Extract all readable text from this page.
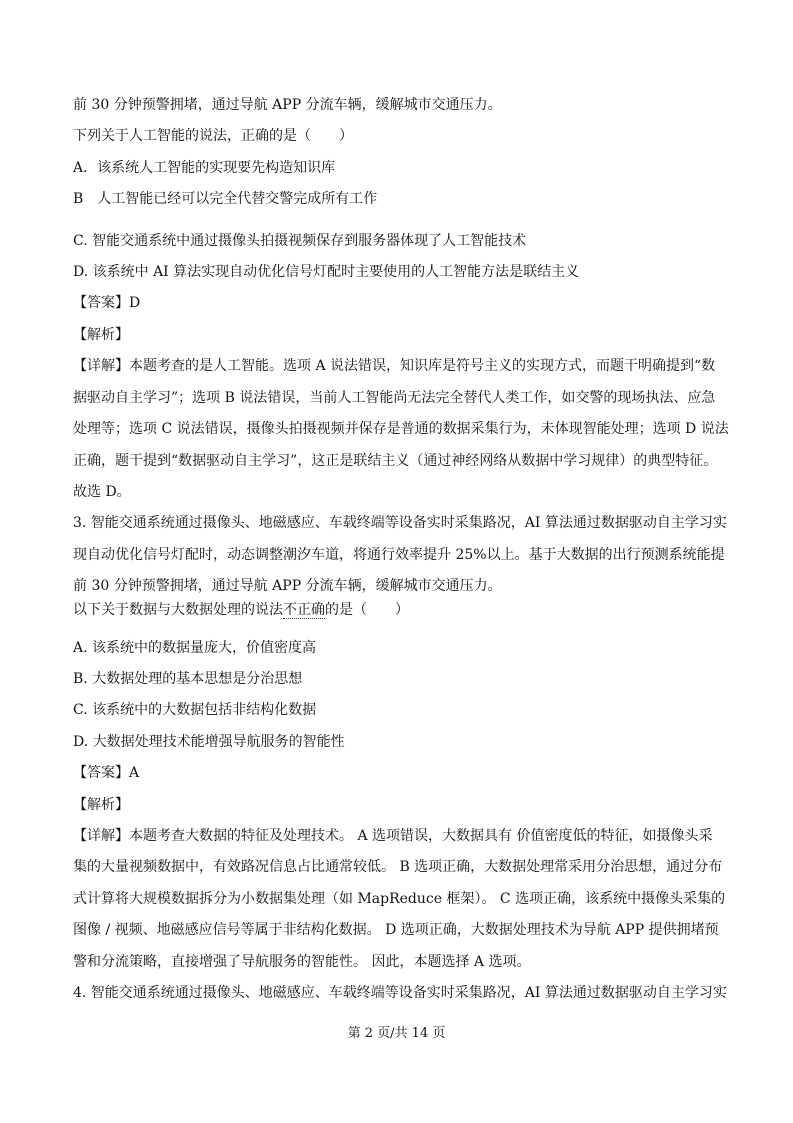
前 30 分钟预警拥堵，通过导航 APP 分流车辆，缓解城市交通压力。
下列关于人工智能的说法，正确的是（　　）
A．该系统人工智能的实现要先构造知识库
B　人工智能已经可以完全代替交警完成所有工作
C. 智能交通系统中通过摄像头拍摄视频保存到服务器体现了人工智能技术
D. 该系统中 AI 算法实现自动优化信号灯配时主要使用的人工智能方法是联结主义
【答案】D
【解析】
【详解】本题考查的是人工智能。选项 A 说法错误，知识库是符号主义的实现方式，而题干明确提到“数
据驱动自主学习”；选项 B 说法错误，当前人工智能尚无法完全替代人类工作，如交警的现场执法、应急
处理等；选项 C 说法错误，摄像头拍摄视频并保存是普通的数据采集行为，未体现智能处理；选项 D 说法
正确，题干提到“数据驱动自主学习”，这正是联结主义（通过神经网络从数据中学习规律）的典型特征。
故选 D。
3. 智能交通系统通过摄像头、地磁感应、车载终端等设备实时采集路况，AI 算法通过数据驱动自主学习实
现自动优化信号灯配时，动态调整潮汐车道，将通行效率提升 25%以上。基于大数据的出行预测系统能提
前 30 分钟预警拥堵，通过导航 APP 分流车辆，缓解城市交通压力。
以下关于数据与大数据处理的说法不正确的是（　　）
A. 该系统中的数据量庞大，价值密度高
B. 大数据处理的基本思想是分治思想
C. 该系统中的大数据包括非结构化数据
D. 大数据处理技术能增强导航服务的智能性
【答案】A
【解析】
【详解】本题考查大数据的特征及处理技术。 A 选项错误，大数据具有 价值密度低的特征，如摄像头采
集的大量视频数据中，有效路况信息占比通常较低。 B 选项正确，大数据处理常采用分治思想，通过分布
式计算将大规模数据拆分为小数据集处理（如 MapReduce 框架）。 C 选项正确，该系统中摄像头采集的
图像 / 视频、地磁感应信号等属于非结构化数据。 D 选项正确，大数据处理技术为导航 APP 提供拥堵预
警和分流策略，直接增强了导航服务的智能性。 因此，本题选择 A 选项。
4. 智能交通系统通过摄像头、地磁感应、车载终端等设备实时采集路况，AI 算法通过数据驱动自主学习实
第 2 页/共 14 页
